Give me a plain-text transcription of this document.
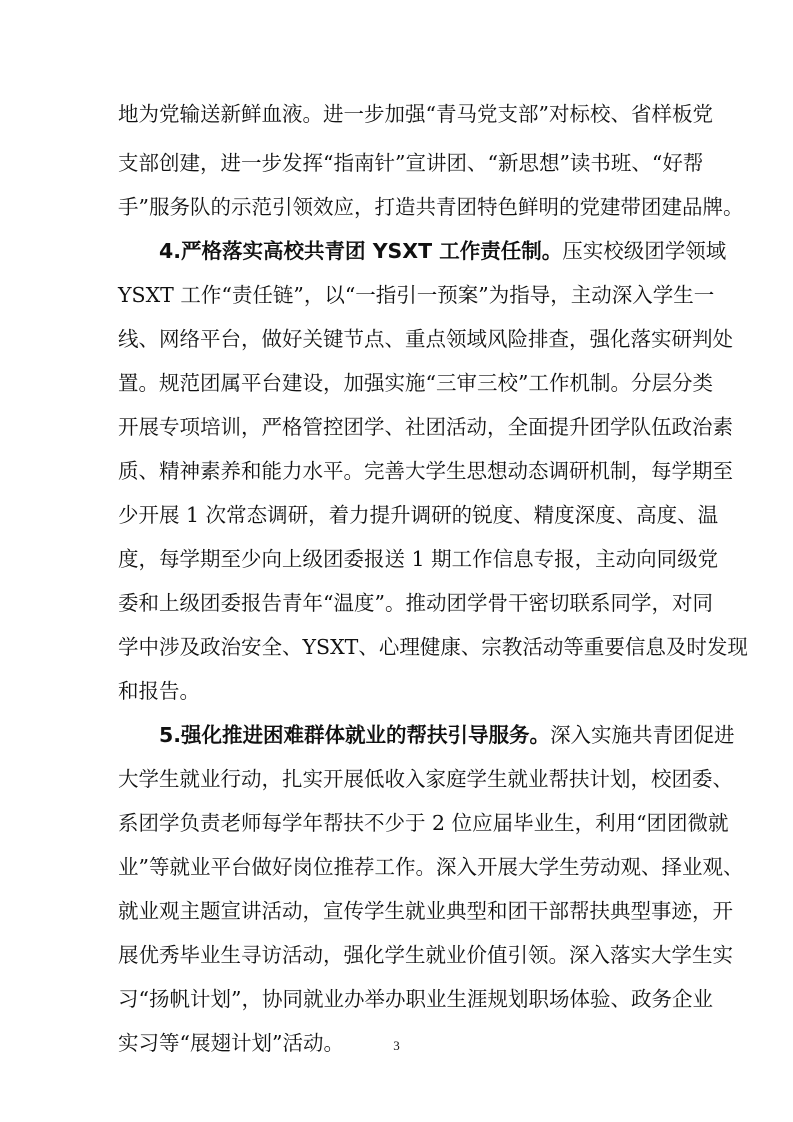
地为党输送新鲜血液。进一步加强“青马党支部”对标校、省样板党
支部创建，进一步发挥“指南针”宣讲团、“新思想”读书班、“好帮
手”服务队的示范引领效应，打造共青团特色鲜明的党建带团建品牌。
4.严格落实高校共青团 YSXT 工作责任制。压实校级团学领域
YSXT 工作“责任链”，以“一指引一预案”为指导，主动深入学生一
线、网络平台，做好关键节点、重点领域风险排查，强化落实研判处
置。规范团属平台建设，加强实施“三审三校”工作机制。分层分类
开展专项培训，严格管控团学、社团活动，全面提升团学队伍政治素
质、精神素养和能力水平。完善大学生思想动态调研机制，每学期至
少开展 1 次常态调研，着力提升调研的锐度、精度深度、高度、温
度，每学期至少向上级团委报送 1 期工作信息专报，主动向同级党
委和上级团委报告青年“温度”。推动团学骨干密切联系同学，对同
学中涉及政治安全、YSXT、心理健康、宗教活动等重要信息及时发现
和报告。
5.强化推进困难群体就业的帮扶引导服务。深入实施共青团促进
大学生就业行动，扎实开展低收入家庭学生就业帮扶计划，校团委、
系团学负责老师每学年帮扶不少于 2 位应届毕业生，利用“团团微就
业”等就业平台做好岗位推荐工作。深入开展大学生劳动观、择业观、
就业观主题宣讲活动，宣传学生就业典型和团干部帮扶典型事迹，开
展优秀毕业生寻访活动，强化学生就业价值引领。深入落实大学生实
习“扬帆计划”，协同就业办举办职业生涯规划职场体验、政务企业
实习等“展翅计划”活动。	3
